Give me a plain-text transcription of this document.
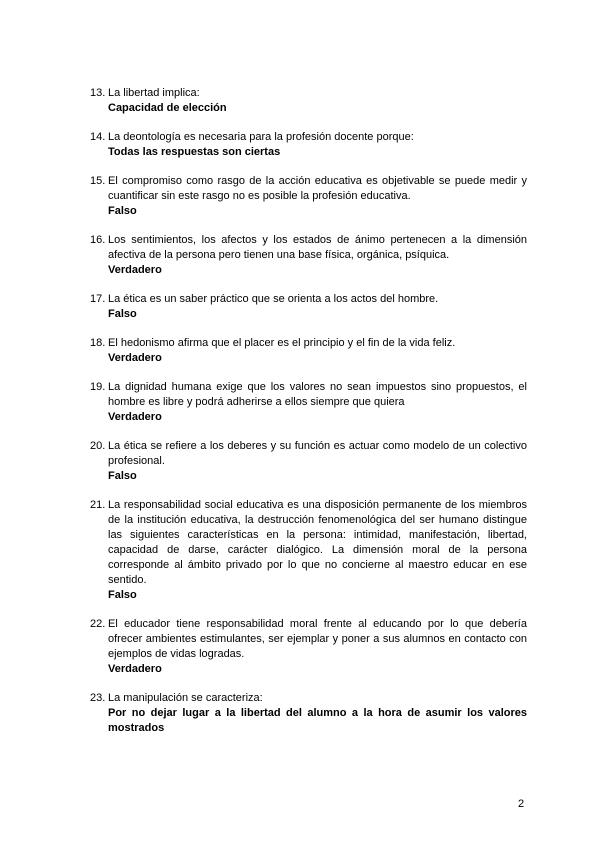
13. La libertad implica:
Capacidad de elección
14. La deontología es necesaria para la profesión docente porque:
Todas las respuestas son ciertas
15. El compromiso como rasgo de la acción educativa es objetivable se puede medir y cuantificar sin este rasgo no es posible la profesión educativa.
Falso
16. Los sentimientos, los afectos y los estados de ánimo pertenecen a la dimensión afectiva de la persona pero tienen una base física, orgánica, psíquica.
Verdadero
17. La ética es un saber práctico que se orienta a los actos del hombre.
Falso
18. El hedonismo afirma que el placer es el principio y el fin de la vida feliz.
Verdadero
19. La dignidad humana exige que los valores no sean impuestos sino propuestos, el hombre es libre y podrá adherirse a ellos siempre que quiera
Verdadero
20. La ética se refiere a los deberes y su función es actuar como modelo de un colectivo profesional.
Falso
21. La responsabilidad social educativa es una disposición permanente de los miembros de la institución educativa, la destrucción fenomenológica del ser humano distingue las siguientes características en la persona: intimidad, manifestación, libertad, capacidad de darse, carácter dialógico. La dimensión moral de la persona corresponde al ámbito privado por lo que no concierne al maestro educar en ese sentido.
Falso
22. El educador tiene responsabilidad moral frente al educando por lo que debería ofrecer ambientes estimulantes, ser ejemplar y poner a sus alumnos en contacto con ejemplos de vidas logradas.
Verdadero
23. La manipulación se caracteriza:
Por no dejar lugar a la libertad del alumno a la hora de asumir los valores mostrados
2
